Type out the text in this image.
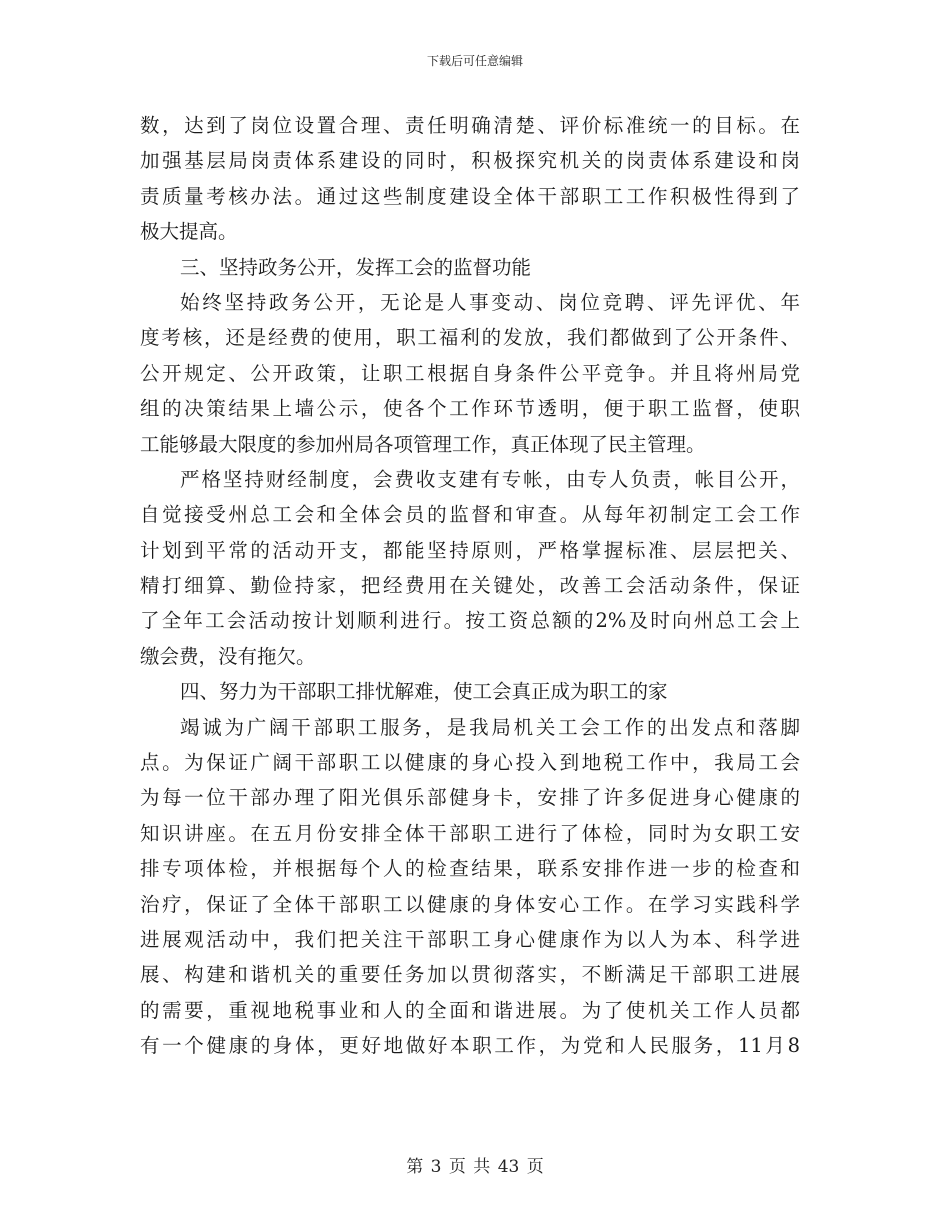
下载后可任意编辑
数，达到了岗位设置合理、责任明确清楚、评价标准统一的目标。在
加强基层局岗责体系建设的同时，积极探究机关的岗责体系建设和岗
责质量考核办法。通过这些制度建设全体干部职工工作积极性得到了
极大提高。
三、坚持政务公开，发挥工会的监督功能
始终坚持政务公开，无论是人事变动、岗位竞聘、评先评优、年
度考核，还是经费的使用，职工福利的发放，我们都做到了公开条件、
公开规定、公开政策，让职工根据自身条件公平竞争。并且将州局党
组的决策结果上墙公示，使各个工作环节透明，便于职工监督，使职
工能够最大限度的参加州局各项管理工作，真正体现了民主管理。
严格坚持财经制度，会费收支建有专帐，由专人负责，帐目公开，
自觉接受州总工会和全体会员的监督和审查。从每年初制定工会工作
计划到平常的活动开支，都能坚持原则，严格掌握标准、层层把关、
精打细算、勤俭持家，把经费用在关键处，改善工会活动条件，保证
了全年工会活动按计划顺利进行。按工资总额的2%及时向州总工会上
缴会费，没有拖欠。
四、努力为干部职工排忧解难，使工会真正成为职工的家
竭诚为广阔干部职工服务，是我局机关工会工作的出发点和落脚
点。为保证广阔干部职工以健康的身心投入到地税工作中，我局工会
为每一位干部办理了阳光俱乐部健身卡，安排了许多促进身心健康的
知识讲座。在五月份安排全体干部职工进行了体检，同时为女职工安
排专项体检，并根据每个人的检查结果，联系安排作进一步的检查和
治疗，保证了全体干部职工以健康的身体安心工作。在学习实践科学
进展观活动中，我们把关注干部职工身心健康作为以人为本、科学进
展、构建和谐机关的重要任务加以贯彻落实，不断满足干部职工进展
的需要，重视地税事业和人的全面和谐进展。为了使机关工作人员都
有一个健康的身体，更好地做好本职工作，为党和人民服务，11月8
第 3 页 共 43 页
